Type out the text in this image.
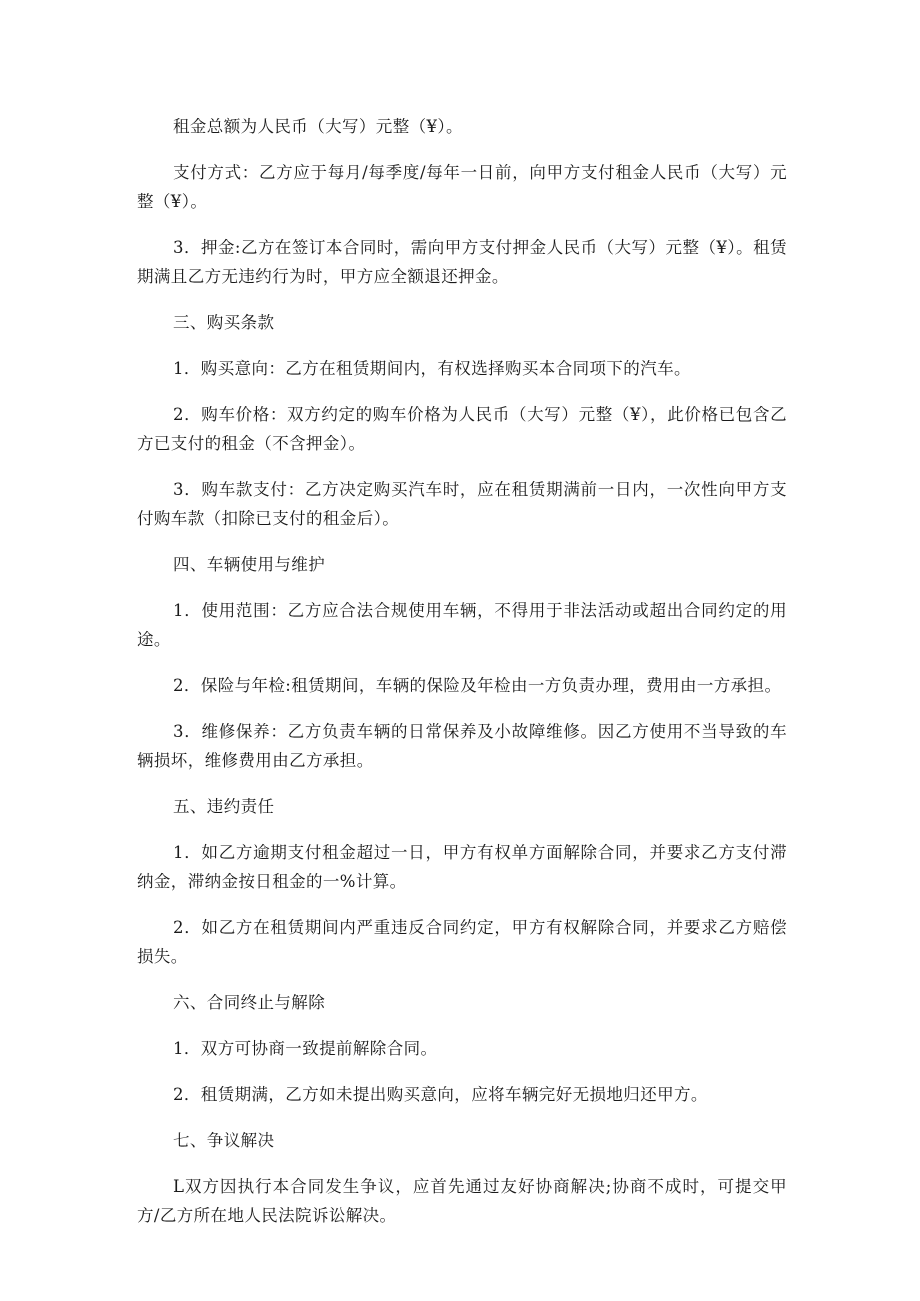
租金总额为人民币（大写）元整（¥）。

支付方式：乙方应于每月/每季度/每年一日前，向甲方支付租金人民币（大写）元整（¥）。

3．押金:乙方在签订本合同时，需向甲方支付押金人民币（大写）元整（¥）。租赁期满且乙方无违约行为时，甲方应全额退还押金。

三、购买条款

1．购买意向：乙方在租赁期间内，有权选择购买本合同项下的汽车。

2．购车价格：双方约定的购车价格为人民币（大写）元整（¥），此价格已包含乙方已支付的租金（不含押金）。

3．购车款支付：乙方决定购买汽车时，应在租赁期满前一日内，一次性向甲方支付购车款（扣除已支付的租金后）。

四、车辆使用与维护

1．使用范围：乙方应合法合规使用车辆，不得用于非法活动或超出合同约定的用途。

2．保险与年检:租赁期间，车辆的保险及年检由一方负责办理，费用由一方承担。

3．维修保养：乙方负责车辆的日常保养及小故障维修。因乙方使用不当导致的车辆损坏，维修费用由乙方承担。

五、违约责任

1．如乙方逾期支付租金超过一日，甲方有权单方面解除合同，并要求乙方支付滞纳金，滞纳金按日租金的一%计算。

2．如乙方在租赁期间内严重违反合同约定，甲方有权解除合同，并要求乙方赔偿损失。

六、合同终止与解除

1．双方可协商一致提前解除合同。

2．租赁期满，乙方如未提出购买意向，应将车辆完好无损地归还甲方。

七、争议解决

L双方因执行本合同发生争议，应首先通过友好协商解决;协商不成时，可提交甲方/乙方所在地人民法院诉讼解决。
